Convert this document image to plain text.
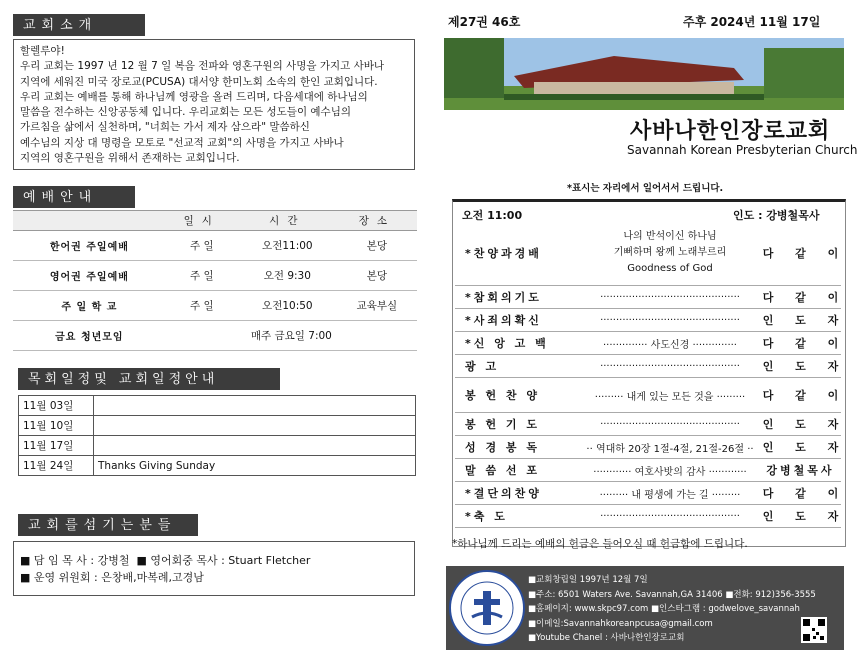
제27권 46호	주후 2024년 11월 17일
사바나한인장로교회
Savannah Korean Presbyterian Church
교회소개

할렐루야!

우리 교회는 1997 년 12 월 7 일 복음 전파와 영혼구원의 사명을 가지고 사바나

지역에 세워진 미국 장로교(PCUSA) 대서양 한미노회 소속의 한인 교회입니다.

우리 교회는 예배를 통해 하나님께 영광을 올려 드리며, 다음세대에 하나님의

말씀을 전수하는 신앙공동체 입니다. 우리교회는 모든 성도들이 예수님의

가르침을 삶에서 실천하며, "너희는 가서 제자 삼으라" 말씀하신

예수님의 지상 대 명령을 모토로 "선교적 교회"의 사명을 가지고 사바나

지역의 영혼구원을 위해서 존재하는 교회입니다.

예배안내
	일시	시간	장소
한어권 주일예배	주 일	오전11:00	본당
영어권 주일예배	주 일	오전 9:30	본당
주 일 학 교	주 일	오전10:50	교육부실
금요 청년모임	매주 금요일 7:00		
목회일정및 교회일정안내
11월 03일	
11월 10일	
11월 17일	
11월 24일	Thanks Giving Sunday
교회를섬기는분들
■ 담 임 목 사 : 강병철  ■ 영어회중 목사 : Stuart Fletcher
■ 운영 위원회 : 은창배,마복례,고경남
*표시는 자리에서 일어서서 드립니다.
오전 11:00	인도 : 강병철목사
*찬양과경배	나의 반석이신 하나님
기뻐하며 왕께 노래부르리
Goodness of God	다 같 이
*참회의기도	············································	다 같 이
*사죄의확신	············································	인 도 자
*신 앙 고 백	·············· 사도신경 ··············	다 같 이
광 고	············································	인 도 자
봉 헌 찬 양	········· 내게 있는 모든 것을 ·········	다 같 이
봉 헌 기 도	············································	인 도 자
성 경 봉 독	·· 역대하 20장 1절-4절, 21절-26절 ··	인 도 자
말 씀 선 포	············ 여호사밧의 감사 ············	강병철목사
*결단의찬양	········· 내 평생에 가는 길 ·········	다 같 이
*축 도	············································	인 도 자
*하나님께 드리는 예배의 헌금은 들어오실 때 헌금함에 드립니다.
■교회창립일 1997년 12월 7일
■주소: 6501 Waters Ave. Savannah,GA 31406 ■전화: 912)356-3555
■홈페이지: www.skpc97.com ■인스타그램 : godwelove_savannah
■이메일:Savannahkoreanpcusa@gmail.com
■Youtube Chanel : 사바나한인장로교회
